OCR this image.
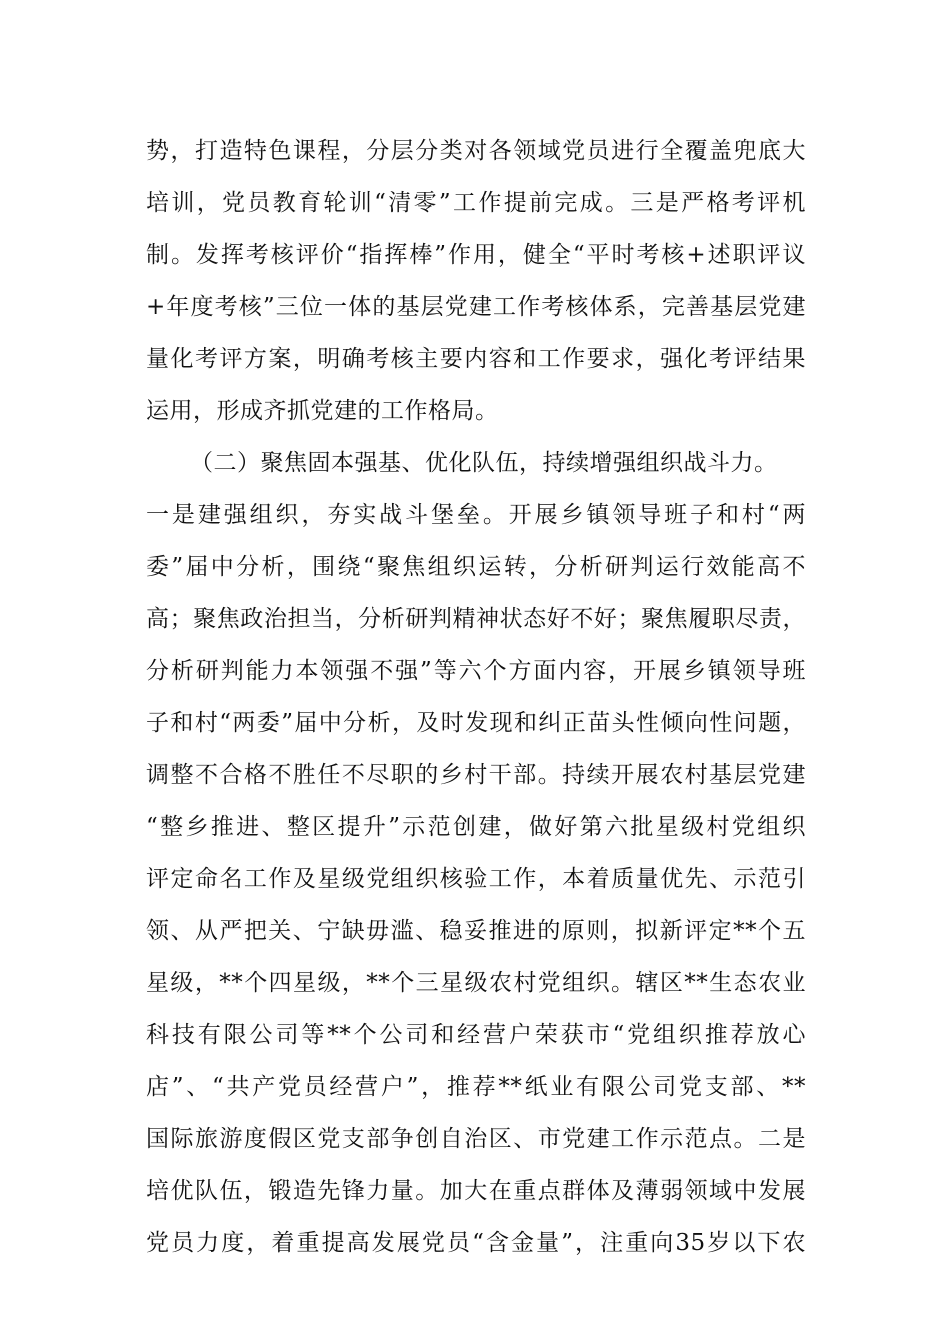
势，打造特色课程，分层分类对各领域党员进行全覆盖兜底大
培训，党员教育轮训“清零”工作提前完成。三是严格考评机
制。发挥考核评价“指挥棒”作用，健全“平时考核+述职评议
+年度考核”三位一体的基层党建工作考核体系，完善基层党建
量化考评方案，明确考核主要内容和工作要求，强化考评结果
运用，形成齐抓党建的工作格局。
（二）聚焦固本强基、优化队伍，持续增强组织战斗力。
一是建强组织，夯实战斗堡垒。开展乡镇领导班子和村“两
委”届中分析，围绕“聚焦组织运转，分析研判运行效能高不
高；聚焦政治担当，分析研判精神状态好不好；聚焦履职尽责，
分析研判能力本领强不强”等六个方面内容，开展乡镇领导班
子和村“两委”届中分析，及时发现和纠正苗头性倾向性问题，
调整不合格不胜任不尽职的乡村干部。持续开展农村基层党建
“整乡推进、整区提升”示范创建，做好第六批星级村党组织
评定命名工作及星级党组织核验工作，本着质量优先、示范引
领、从严把关、宁缺毋滥、稳妥推进的原则，拟新评定**个五
星级，**个四星级，**个三星级农村党组织。辖区**生态农业
科技有限公司等**个公司和经营户荣获市“党组织推荐放心
店”、“共产党员经营户”，推荐**纸业有限公司党支部、**
国际旅游度假区党支部争创自治区、市党建工作示范点。二是
培优队伍，锻造先锋力量。加大在重点群体及薄弱领域中发展
党员力度，着重提高发展党员“含金量”，注重向35岁以下农
